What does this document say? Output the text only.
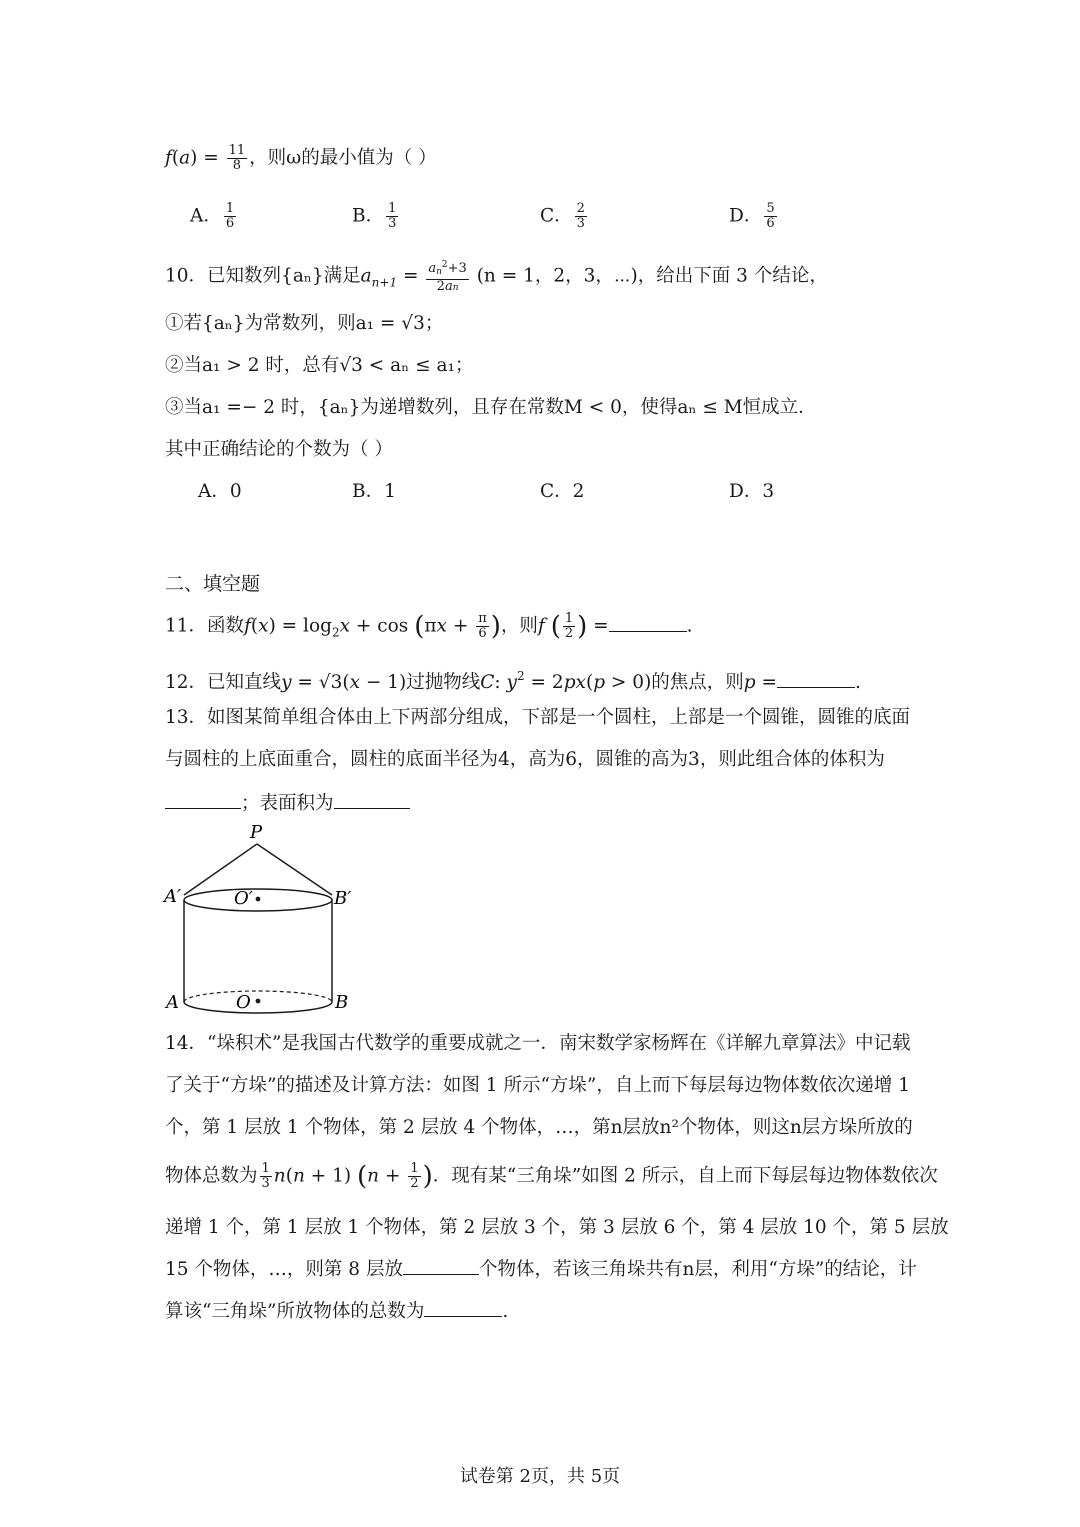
$f(a) = \frac{11}{8}$ ，则ω的最小值为（ ）
A． $\frac{1}{6}$	B． $\frac{1}{3}$	C． $\frac{2}{3}$	D． $\frac{5}{6}$
10．已知数列{aₙ}满足$a_{n+1} = \frac{a_n^2+3}{2an} (n = 1$，2，3，⋯)，给出下面 3 个结论，
①若{aₙ}为常数列，则a₁ = √3；
②当a₁ > 2 时，总有√3 < aₙ ≤ a₁；
③当a₁ =− 2 时，{aₙ}为递增数列，且存在常数M < 0，使得aₙ ≤ M恒成立．
其中正确结论的个数为（ ）
A．0	B．1	C．2	D．3
二、填空题
11．函数$f(x) = \log_2x + \cos (\pi x + \frac{\pi}{6}$ )，则f ( $\frac{1}{2}$ ) =	.
12．已知直线y = √3(x − 1)过抛物线C: $y^2 = 2px(p > 0)$的焦点，则p =	.
13．如图某简单组合体由上下两部分组成，下部是一个圆柱，上部是一个圆锥，圆锥的底面
与圆柱的上底面重合，圆柱的底面半径为4，高为6，圆锥的高为3，则此组合体的体积为
；表面积为
P
A′	B′
O′
A	B
O
14．“垛积术”是我国古代数学的重要成就之一．南宋数学家杨辉在《详解九章算法》中记载
了关于“方垛”的描述及计算方法：如图 1 所示“方垛”，自上而下每层每边物体数依次递增 1
个，第 1 层放 1 个物体，第 2 层放 4 个物体，…，第n层放n²个物体，则这n层方垛所放的
物体总数为 $\frac{1}{3} n(n + 1) (n + \frac{1}{2}$ )．现有某“三角垛”如图 2 所示，自上而下每层每边物体数依次
递增 1 个，第 1 层放 1 个物体，第 2 层放 3 个，第 3 层放 6 个，第 4 层放 10 个，第 5 层放
15 个物体，…，则第 8 层放	个物体，若该三角垛共有n层，利用“方垛”的结论，计
算该“三角垛”所放物体的总数为	.
试卷第 2页，共 5页
